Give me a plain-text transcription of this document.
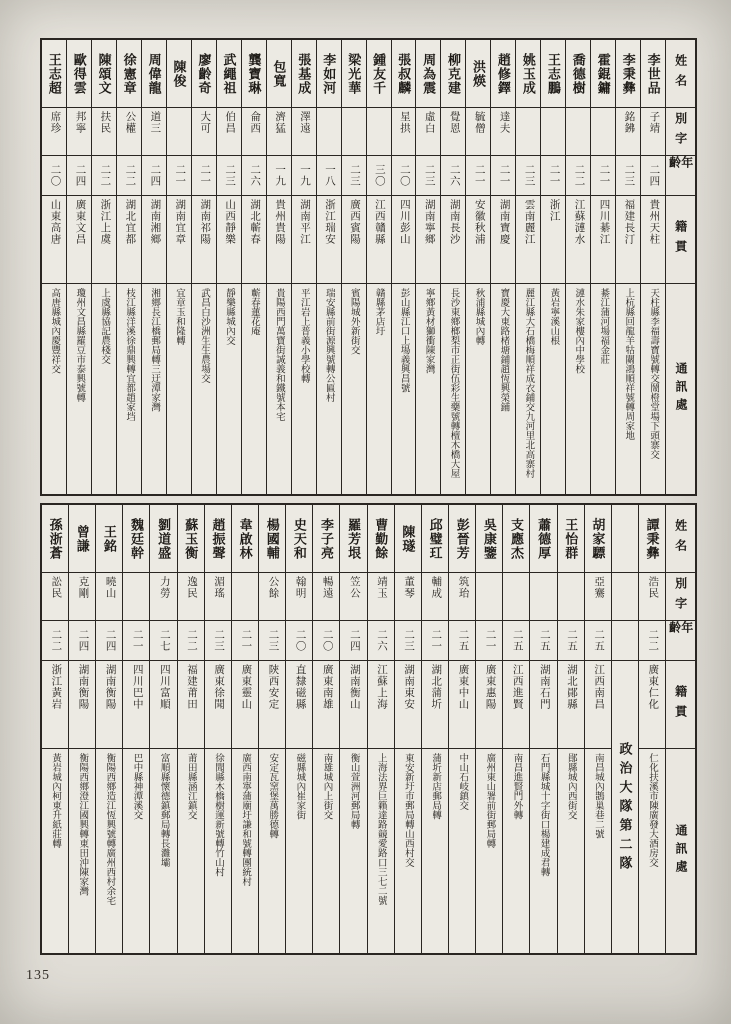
姓名
別字
年齡
籍貫
通訊處
李世品
子靖
二四
貴州天柱
天柱縣李福壽寶號轉交鬧橙堂場下頭寨交
李秉彝
銘鉘
二三
福建長汀
上杭縣回龍羊牯關鴻順祥號轉周家地
霍錕鏞
二一
四川綦江
綦江蒲河場福金莊
喬德樹
二二
江蘇漣水
漣水朱家樓內中學校
王志鵬
二一
浙江
黃岩寧溪山根
姚玉成
二三
雲南麗江
麗江縣大石橋梅順祥成衣鋪交九河里北高寨村
趙修鐸
達夫
二一
湖南寶慶
寶慶大東路楮塘鋪趙恆興榮鋪
洪煐
毓僧
二一
安徽秋浦
秋浦縣城內轉
柳克建
覺恩
二六
湖南長沙
長沙東鄉榔梨市正街伍彩生藥號轉檀木橋大屋
周為震
虛白
二三
湖南寧鄉
寧鄉黃材獅衝陳家灣
張叔麟
星拱
二〇
四川彭山
彭山縣江口上場義興昌號
鍾友千
三〇
江西贛縣
贛縣茅店圩
梁光華
二三
廣西賓陽
賓陽城外新街交
李如河
一八
浙江瑞安
瑞安縣前街源興號轉公匾村
張基成
澤遠
一九
湖南平江
平江岩上普義小學校轉
包寬
濟猛
一九
貴州貴陽
貴陽西門萬寶街誠義和鐵號本宅
龔寶琳
侖西
二六
湖北蘄春
蘄春蓮花庵
武繩祖
伯昌
二三
山西靜樂
靜樂縣城內交
廖齡奇
大可
二一
湖南祁陽
武昌白沙洲生生農場交
陳俊
二一
湖南宜章
宜章玉和隆轉
周偉龍
道三
二四
湖南湘鄉
湘鄉長江橋郵局轉三迂潭家灣
徐憲章
公權
二二
湖北宜都
枝江縣洋溪徐鼎興轉宜都趙家垱
陳頌文
扶民
二二
浙江上虞
上虞縣協記農棧交
歐得雲
邦寧
二四
廣東文昌
瓊州文昌縣羅豆市泰興號轉
王志超
席珍
二〇
山東高唐
高唐縣城內慶豐祥交
姓名
別字
年齡
籍貫
通訊處
譚秉彝
浩民
二二
廣東仁化
仁化扶溪市陳廣發大酒房交
政治大隊第二隊
胡家驃
亞騫
二五
江西南昌
南昌城內鵲巢巷二號
王怡群
二五
湖北鄖縣
鄖縣城內西街交
蕭德厚
二五
湖南石門
石門縣城十字街口楊建成君轉
支應杰
二五
江西進賢
南昌進賢門外轉
吳康鑒
二一
廣東惠陽
廣州東山署前街郵局轉
彭晉芳
筑珆
二五
廣東中山
中山石岐鎮交
邱璧玒
輔成
二一
湖北蒲圻
蒲圻新店郵局轉
陳璲
董琴
二三
湖南東安
東安新圩市郵局轉山西村交
曹勤餘
靖玉
二六
江蘇上海
上海法界巨籟達路竸愛路口三七二號
羅芳垠
笠公
二四
湖南衡山
衡山萱洲河郵局轉
李子亮
暢遠
二〇
廣東南雄
南雄城內上街交
史天和
翰明
二〇
直隸磁縣
磁縣城內崔家街
楊國輔
公餘
二三
陝西安定
安定瓦窯堡萬勝德轉
韋啟林
二一
廣東靈山
廣西南寧蒲廟圩謙和號轉團統村
趙振聲
湄瑤
二三
廣東徐聞
徐聞縣木橋樹運新號轉竹山村
蘇玉衡
逸民
二二
福建莆田
莆田縣涵江鎮交
劉道盛
力勞
二七
四川富順
富順縣懷德鎮郵局轉長灘壩
魏廷幹
二一
四川巴中
巴中縣神潭溪交
王銘
曉山
二四
湖南衡陽
衡陽西鄉造江恆興號轉廣州西村余宅
曾謙
克剛
二四
湖南衡陽
衡陽西鄉澄江國興轉東田沖陳家灣
孫浙蒼
訟民
二二
浙江黃岩
黃岩城內柯東升紙莊轉
135
